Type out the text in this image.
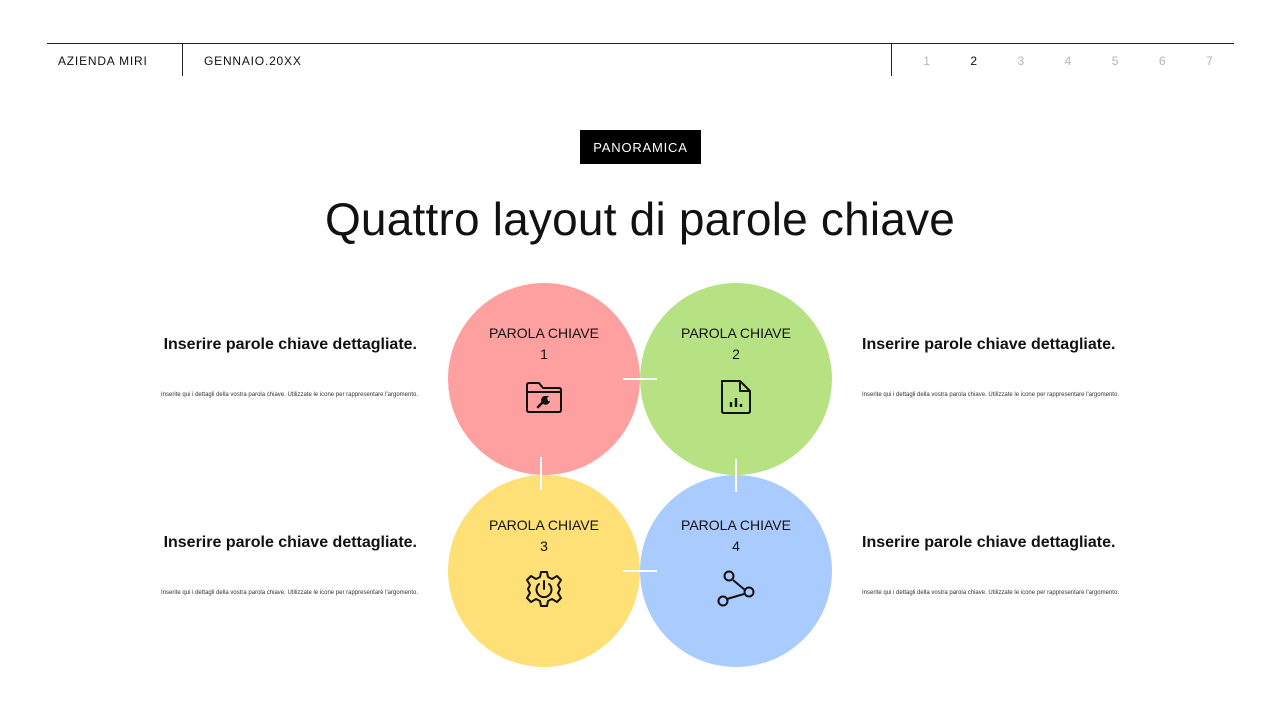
AZIENDA MIRI	GENNAIO.20XX	1	2	3	4	5	6	7
PANORAMICA
Quattro layout di parole chiave
PAROLA CHIAVE
1
PAROLA CHIAVE
2
PAROLA CHIAVE
3
PAROLA CHIAVE
4
Inserire parole chiave dettagliate.
Inserite qui i dettagli della vostra parola chiave. Utilizzate le icone per rappresentare l'argomento.
Inserire parole chiave dettagliate.
Inserite qui i dettagli della vostra parola chiave. Utilizzate le icone per rappresentare l'argomento.
Inserire parole chiave dettagliate.
Inserite qui i dettagli della vostra parola chiave. Utilizzate le icone per rappresentare l'argomento.
Inserire parole chiave dettagliate.
Inserite qui i dettagli della vostra parola chiave. Utilizzate le icone per rappresentare l'argomento.
